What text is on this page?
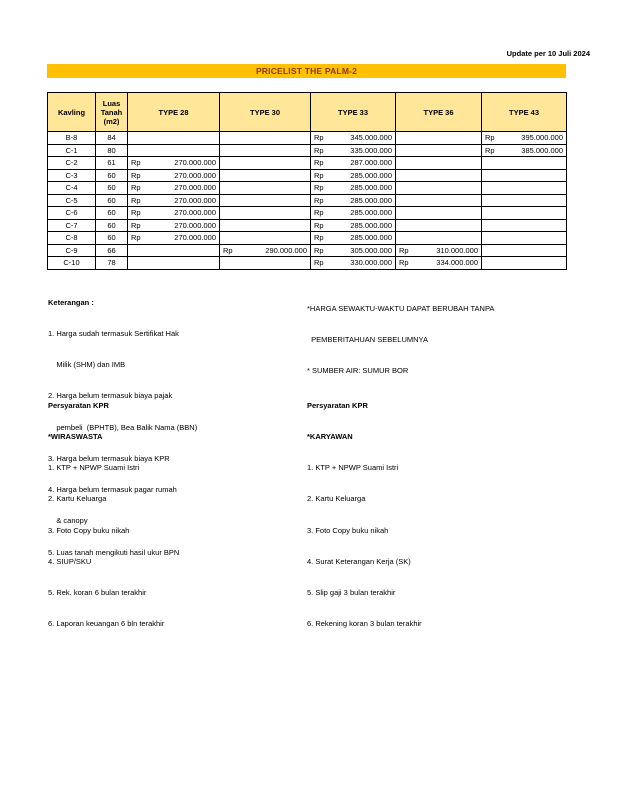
Update per 10 Juli 2024
PRICELIST THE PALM-2
Kavling	Luas Tanah (m2)	TYPE 28	TYPE 30	TYPE 33	TYPE 36	TYPE 43
B-8	84			Rp 345.000.000		Rp 395.000.000

C-1	80			Rp 335.000.000		Rp 385.000.000

C-2	61	Rp 270.000.000		Rp 287.000.000		

C-3	60	Rp 270.000.000		Rp 285.000.000		

C-4	60	Rp 270.000.000		Rp 285.000.000		

C-5	60	Rp 270.000.000		Rp 285.000.000		

C-6	60	Rp 270.000.000		Rp 285.000.000		

C-7	60	Rp 270.000.000		Rp 285.000.000		

C-8	60	Rp 270.000.000		Rp 285.000.000		

C-9	66		Rp 290.000.000	Rp 305.000.000	Rp 310.000.000	

C-10	78			Rp 330.000.000	Rp 334.000.000	

Keterangan :

1. Harga sudah termasuk Sertifikat Hak

Milik (SHM) dan IMB

2. Harga belum termasuk biaya pajak

pembeli  (BPHTB), Bea Balik Nama (BBN)

3. Harga belum termasuk biaya KPR

4. Harga belum termasuk pagar rumah

& canopy

5. Luas tanah mengikuti hasil ukur BPN

*HARGA SEWAKTU-WAKTU DAPAT BERUBAH TANPA

PEMBERITAHUAN SEBELUMNYA

* SUMBER AIR: SUMUR BOR

Persyaratan KPR

*WIRASWASTA

1. KTP + NPWP Suami Istri

2. Kartu Keluarga

3. Foto Copy buku nikah

4. SIUP/SKU

5. Rek. koran 6 bulan terakhir

6. Laporan keuangan 6 bln terakhir

Persyaratan KPR

*KARYAWAN

1. KTP + NPWP Suami Istri

2. Kartu Keluarga

3. Foto Copy buku nikah

4. Surat Keterangan Kerja (SK)

5. Slip gaji 3 bulan terakhir

6. Rekening koran 3 bulan terakhir
